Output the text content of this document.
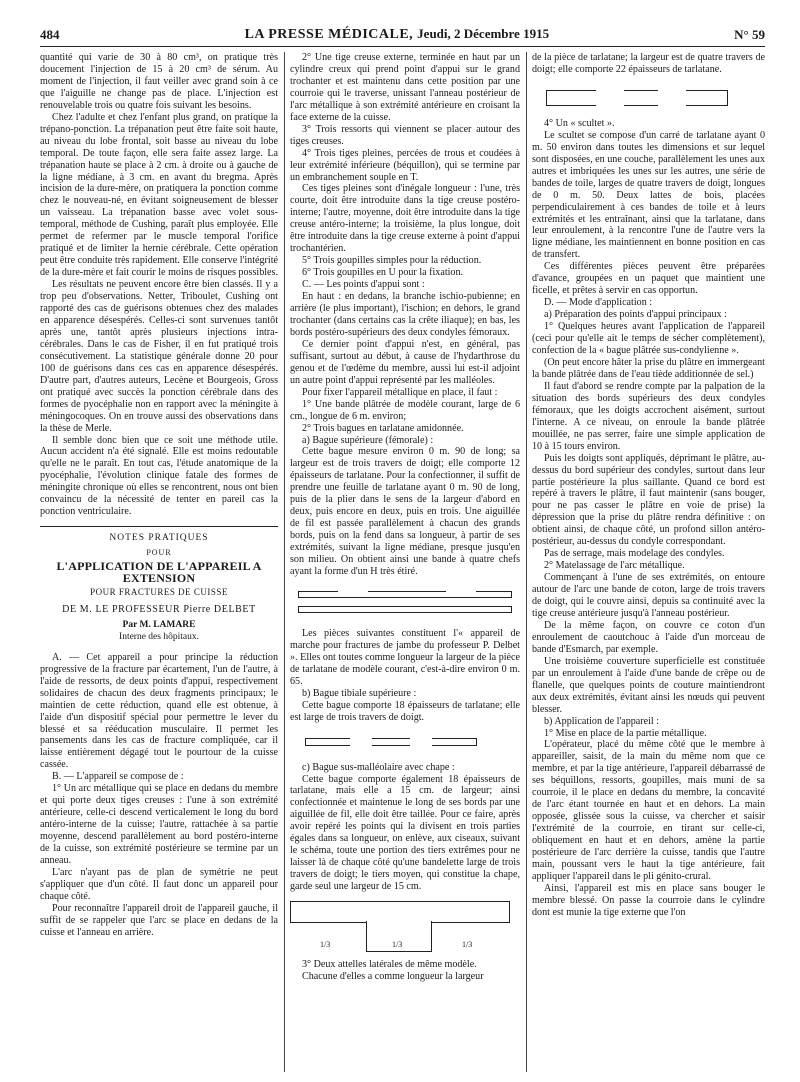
484	LA PRESSE MÉDICALE, Jeudi, 2 Décembre 1915	N° 59

quantité qui varie de 30 à 80 cm³, on pratique très doucement l'injection de 15 à 20 cm³ de sérum. Au moment de l'injection, il faut veiller avec grand soin à ce que l'aiguille ne change pas de place. L'injection est renouvelable trois ou quatre fois suivant les besoins.

Chez l'adulte et chez l'enfant plus grand, on pratique la trépano-ponction. La trépanation peut être faite soit haute, au niveau du lobe frontal, soit basse au niveau du lobe temporal. De toute façon, elle sera faite assez large. La trépanation haute se place à 2 cm. à droite ou à gauche de la ligne médiane, à 3 cm. en avant du bregma. Après incision de la dure-mère, on pratiquera la ponction comme chez le nouveau-né, en évitant soigneusement de blesser un vaisseau. La trépanation basse avec volet sous-temporal, méthode de Cushing, paraît plus employée. Elle permet de refermer par le muscle temporal l'orifice pratiqué et de limiter la hernie cérébrale. Cette opération peut être conduite très rapidement. Elle conserve l'intégrité de la dure-mère et fait courir le moins de risques possibles.

Les résultats ne peuvent encore être bien classés. Il y a trop peu d'observations. Netter, Triboulet, Cushing ont rapporté des cas de guérisons obtenues chez des malades en apparence désespérés. Celles-ci sont survenues tantôt après une, tantôt après plusieurs injections intra-cérébrales. Dans le cas de Fisher, il en fut pratiqué trois consécutivement. La statistique générale donne 20 pour 100 de guérisons dans ces cas en apparence désespérés. D'autre part, d'autres auteurs, Lecène et Bourgeois, Gross ont pratiqué avec succès la ponction cérébrale dans des formes de pyocéphalie non en rapport avec la méningite à méningocoques. On en trouve aussi des observations dans la thèse de Merle.

Il semble donc bien que ce soit une méthode utile. Aucun accident n'a été signalé. Elle est moins redoutable qu'elle ne le paraît. En tout cas, l'étude anatomique de la pyocéphalie, l'évolution clinique fatale des formes de méningite chronique où elles se rencontrent, nous ont bien convaincu de la nécessité de tenter en pareil cas la ponction ventriculaire.

NOTES PRATIQUES
POUR
L'APPLICATION DE L'APPAREIL A EXTENSION
POUR FRACTURES DE CUISSE
DE M. LE PROFESSEUR Pierre DELBET
Par M. LAMARE
Interne des hôpitaux.

A. — Cet appareil a pour principe la réduction progressive de la fracture par écartement, l'un de l'autre, à l'aide de ressorts, de deux points d'appui, respectivement solidaires de chacun des deux fragments principaux; le maintien de cette réduction, quand elle est obtenue, à l'aide d'un dispositif spécial pour permettre le lever du blessé et sa rééducation musculaire. Il permet les pansements dans les cas de fracture compliquée, car il laisse entièrement dégagé tout le pourtour de la cuisse cassée.

B. — L'appareil se compose de :

1° Un arc métallique qui se place en dedans du membre et qui porte deux tiges creuses : l'une à son extrémité antérieure, celle-ci descend verticalement le long du bord antéro-interne de la cuisse; l'autre, rattachée à sa partie moyenne, descend parallèlement au bord postéro-interne de la cuisse, son extrémité postérieure se termine par un anneau.

L'arc n'ayant pas de plan de symétrie ne peut s'appliquer que d'un côté. Il faut donc un appareil pour chaque côté.

Pour reconnaître l'appareil droit de l'appareil gauche, il suffit de se rappeler que l'arc se place en dedans de la cuisse et l'anneau en arrière.

2° Une tige creuse externe, terminée en haut par un cylindre creux qui prend point d'appui sur le grand trochanter et est maintenu dans cette position par une courroie qui le traverse, unissant l'anneau postérieur de l'arc métallique à son extrémité antérieure en croisant la face externe de la cuisse.

3° Trois ressorts qui viennent se placer autour des tiges creuses.

4° Trois tiges pleines, percées de trous et coudées à leur extrémité inférieure (béquillon), qui se termine par un embranchement souple en T.

Ces tiges pleines sont d'inégale longueur : l'une, très courte, doit être introduite dans la tige creuse postéro-interne; l'autre, moyenne, doit être introduite dans la tige creuse antéro-interne; la troisième, la plus longue, doit être introduite dans la tige creuse externe à point d'appui trochantérien.

5° Trois goupilles simples pour la réduction.

6° Trois goupilles en U pour la fixation.

C. — Les points d'appui sont :

En haut : en dedans, la branche ischio-pubienne; en arrière (le plus important), l'ischion; en dehors, le grand trochanter (dans certains cas la crête iliaque); en bas, les bords postéro-supérieurs des deux condyles fémoraux.

Ce dernier point d'appui n'est, en général, pas suffisant, surtout au début, à cause de l'hydarthrose du genou et de l'œdème du membre, aussi lui est-il adjoint un autre point d'appui représenté par les malléoles.

Pour fixer l'appareil métallique en place, il faut :

1° Une bande plâtrée de modèle courant, large de 6 cm., longue de 6 m. environ;

2° Trois bagues en tarlatane amidonnée.

a) Bague supérieure (fémorale) :

Cette bague mesure environ 0 m. 90 de long; sa largeur est de trois travers de doigt; elle comporte 12 épaisseurs de tarlatane. Pour la confectionner, il suffit de prendre une feuille de tarlatane ayant 0 m. 90 de long, puis de la plier dans le sens de la largeur d'abord en deux, puis encore en deux, puis en trois. Une aiguillée de fil est passée parallèlement à chacun des grands bords, puis on la fend dans sa longueur, à partir de ses extrémités, suivant la ligne médiane, presque jusqu'en son milieu. On obtient ainsi une bande à quatre chefs ayant la forme d'un H très étiré.

Les pièces suivantes constituent l'« appareil de marche pour fractures de jambe du professeur P. Delbet ». Elles ont toutes comme longueur la largeur de la pièce de tarlatane de modèle courant, c'est-à-dire environ 0 m. 65.

b) Bague tibiale supérieure :

Cette bague comporte 18 épaisseurs de tarlatane; elle est large de trois travers de doigt.

c) Bague sus-malléolaire avec chape :

Cette bague comporte également 18 épaisseurs de tarlatane, mais elle a 15 cm. de largeur; ainsi confectionnée et maintenue le long de ses bords par une aiguillée de fil, elle doit être taillée. Pour ce faire, après avoir repéré les points qui la divisent en trois parties égales dans sa longueur, on enlève, aux ciseaux, suivant le schéma, toute une portion des tiers extrêmes pour ne laisser là de chaque côté qu'une bandelette large de trois travers de doigt; le tiers moyen, qui constitue la chape, garde seul une largeur de 15 cm.

1/3	1/3	1/3

3° Deux attelles latérales de même modèle.

Chacune d'elles a comme longueur la largeur

de la pièce de tarlatane; la largeur est de quatre travers de doigt; elle comporte 22 épaisseurs de tarlatane.

4° Un « scultet ».

Le scultet se compose d'un carré de tarlatane ayant 0 m. 50 environ dans toutes les dimensions et sur lequel sont disposées, en une couche, parallèlement les unes aux autres et imbriquées les unes sur les autres, une série de bandes de toile, larges de quatre travers de doigt, longues de 0 m. 50. Deux lattes de bois, placées perpendiculairement à ces bandes de toile et à leurs extrémités et les entraînant, ainsi que la tarlatane, dans leur enroulement, à la rencontre l'une de l'autre vers la ligne médiane, les maintiennent en bonne position en cas de transfert.

Ces différentes pièces peuvent être préparées d'avance, groupées en un paquet que maintient une ficelle, et prêtes à servir en cas opportun.

D. — Mode d'application :

a) Préparation des points d'appui principaux :

1° Quelques heures avant l'application de l'appareil (ceci pour qu'elle ait le temps de sécher complètement), confection de la « bague plâtrée sus-condylienne ».

(On peut encore hâter la prise du plâtre en immergeant la bande plâtrée dans de l'eau tiède additionnée de sel.)

Il faut d'abord se rendre compte par la palpation de la situation des bords supérieurs des deux condyles fémoraux, que les doigts accrochent aisément, surtout l'interne. A ce niveau, on enroule la bande plâtrée mouillée, ne pas serrer, faire une simple application de 10 à 15 tours environ.

Puis les doigts sont appliqués, déprimant le plâtre, au-dessus du bord supérieur des condyles, surtout dans leur partie postérieure la plus saillante. Quand ce bord est repéré à travers le plâtre, il faut maintenir (sans bouger, pour ne pas casser le plâtre en voie de prise) la dépression que la prise du plâtre rendra définitive : on obtient ainsi, de chaque côté, un profond sillon antéro-postérieur, au-dessus du condyle correspondant.

Pas de serrage, mais modelage des condyles.

2° Matelassage de l'arc métallique.

Commençant à l'une de ses extrémités, on entoure autour de l'arc une bande de coton, large de trois travers de doigt, qui le couvre ainsi, depuis sa continuité avec la tige creuse antérieure jusqu'à l'anneau postérieur.

De la même façon, on couvre ce coton d'un enroulement de caoutchouc à l'aide d'un morceau de bande d'Esmarch, par exemple.

Une troisième couverture superficielle est constituée par un enroulement à l'aide d'une bande de crêpe ou de flanelle, que quelques points de couture maintiendront aux deux extrémités, évitant ainsi les nœuds qui peuvent blesser.

b) Application de l'appareil :

1° Mise en place de la partie métallique.

L'opérateur, placé du même côté que le membre à appareiller, saisit, de la main du même nom que ce membre, et par la tige antérieure, l'appareil débarrassé de ses béquillons, ressorts, goupilles, mais muni de sa courroie, il le place en dedans du membre, la concavité de l'arc étant tournée en haut et en dehors. La main opposée, glissée sous la cuisse, va chercher et saisir l'extrémité de la courroie, en tirant sur celle-ci, obliquement en haut et en dehors, amène la partie postérieure de l'arc derrière la cuisse, tandis que l'autre main, poussant vers le haut la tige antérieure, fait appliquer l'appareil dans le pli génito-crural.

Ainsi, l'appareil est mis en place sans bouger le membre blessé. On passe la courroie dans le cylindre dont est munie la tige externe que l'on
